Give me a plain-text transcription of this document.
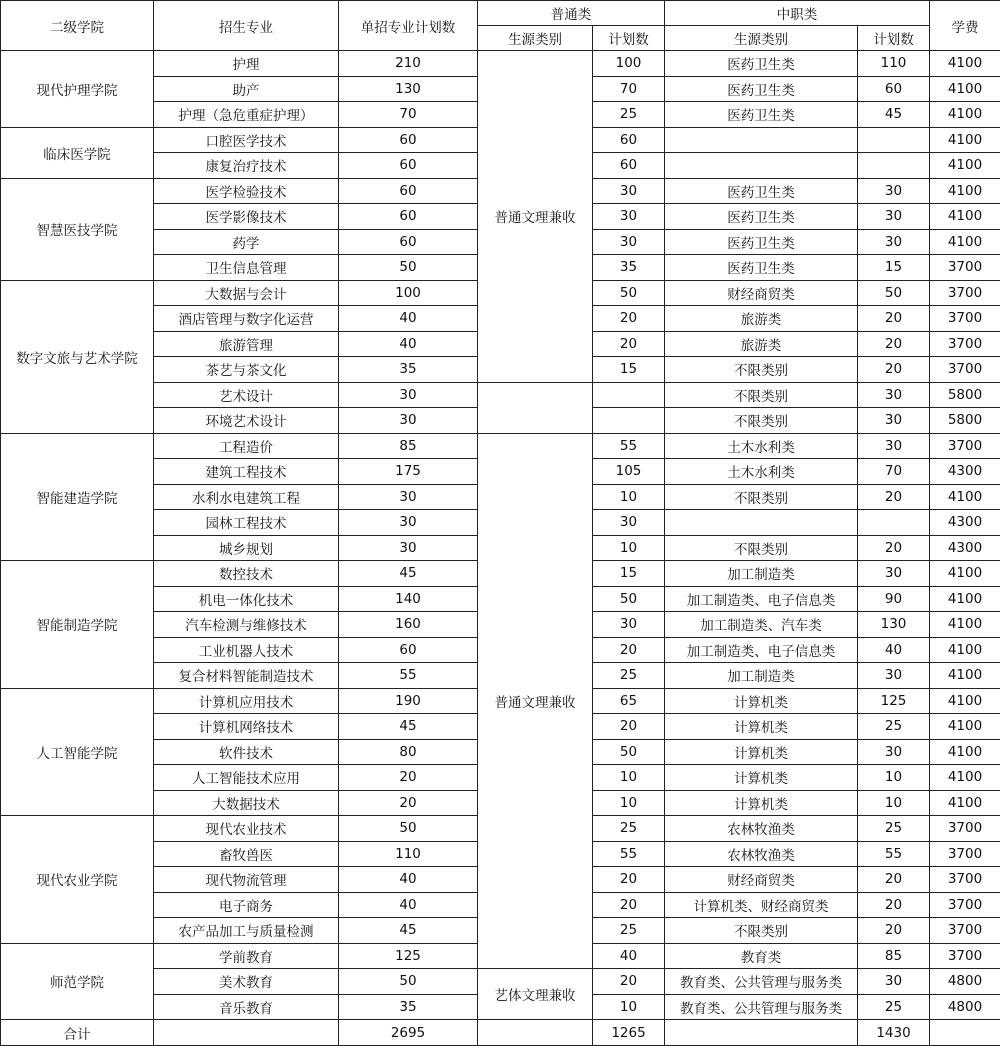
二级学院	招生专业	单招专业计划数	普通类		中职类		学费
			生源类别	计划数	生源类别	计划数	
现代护理学院	护理	210	普通文理兼收	100	医药卫生类	110	4100
	助产	130		70	医药卫生类	60	4100
	护理（急危重症护理）	70		25	医药卫生类	45	4100
临床医学院	口腔医学技术	60		60			4100
	康复治疗技术	60		60			4100
智慧医技学院	医学检验技术	60		30	医药卫生类	30	4100
	医学影像技术	60		30	医药卫生类	30	4100
	药学	60		30	医药卫生类	30	4100
	卫生信息管理	50		35	医药卫生类	15	3700
数字文旅与艺术学院	大数据与会计	100		50	财经商贸类	50	3700
	酒店管理与数字化运营	40		20	旅游类	20	3700
	旅游管理	40		20	旅游类	20	3700
	茶艺与茶文化	35		15	不限类别	20	3700
	艺术设计	30			不限类别	30	5800
	环境艺术设计	30			不限类别	30	5800
智能建造学院	工程造价	85	普通文理兼收	55	土木水利类	30	3700
	建筑工程技术	175		105	土木水利类	70	4300
	水利水电建筑工程	30		10	不限类别	20	4100
	园林工程技术	30		30			4300
	城乡规划	30		10	不限类别	20	4300
智能制造学院	数控技术	45		15	加工制造类	30	4100
	机电一体化技术	140		50	加工制造类、电子信息类	90	4100
	汽车检测与维修技术	160		30	加工制造类、汽车类	130	4100
	工业机器人技术	60		20	加工制造类、电子信息类	40	4100
	复合材料智能制造技术	55		25	加工制造类	30	4100
人工智能学院	计算机应用技术	190		65	计算机类	125	4100
	计算机网络技术	45		20	计算机类	25	4100
	软件技术	80		50	计算机类	30	4100
	人工智能技术应用	20		10	计算机类	10	4100
	大数据技术	20		10	计算机类	10	4100
现代农业学院	现代农业技术	50		25	农林牧渔类	25	3700
	畜牧兽医	110		55	农林牧渔类	55	3700
	现代物流管理	40		20	财经商贸类	20	3700
	电子商务	40		20	计算机类、财经商贸类	20	3700
	农产品加工与质量检测	45		25	不限类别	20	3700
师范学院	学前教育	125		40	教育类	85	3700
	美术教育	50	艺体文理兼收	20	教育类、公共管理与服务类	30	4800
	音乐教育	35		10	教育类、公共管理与服务类	25	4800
合计		2695		1265		1430	
